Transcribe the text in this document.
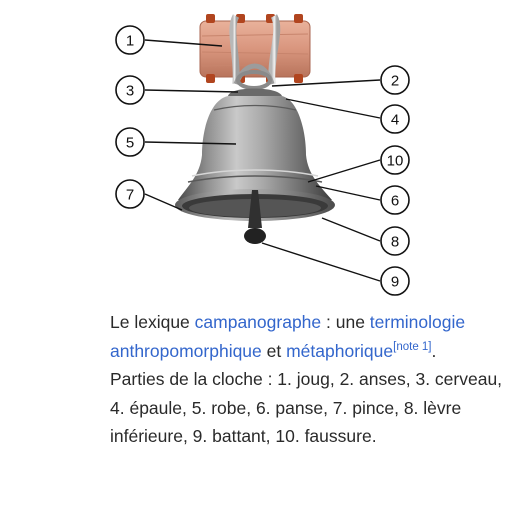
1
2
3
4
5
10
6
7
8
9

Le lexique campanographe : une terminologie anthropomorphique et métaphorique[note 1].

Parties de la cloche : 1. joug, 2. anses, 3. cerveau, 4. épaule, 5. robe, 6. panse, 7. pince, 8. lèvre inférieure, 9. battant, 10. faussure.
